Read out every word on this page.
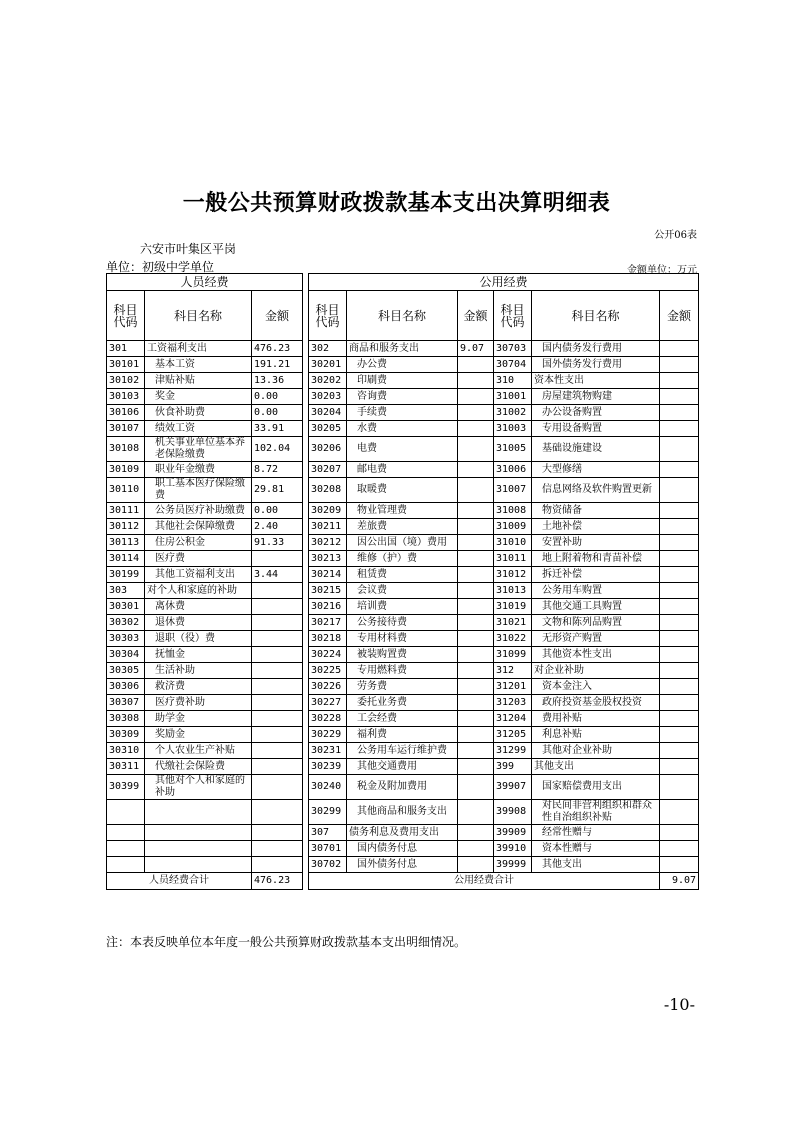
一般公共预算财政拨款基本支出决算明细表
公开06表
六安市叶集区平岗
单位：初级中学单位	金额单位：万元
人员经费				公用经费					
科目代码	科目名称	金额		科目代码	科目名称	金额	科目代码	科目名称	金额
301	工资福利支出	476.23		302	商品和服务支出	9.07	30703	国内债务发行费用	
30101	基本工资	191.21		30201	办公费		30704	国外债务发行费用	
30102	津贴补贴	13.36		30202	印刷费		310	资本性支出	
30103	奖金	0.00		30203	咨询费		31001	房屋建筑物购建	
30106	伙食补助费	0.00		30204	手续费		31002	办公设备购置	
30107	绩效工资	33.91		30205	水费		31003	专用设备购置	
30108	机关事业单位基本养老保险缴费	102.04		30206	电费		31005	基础设施建设	
30109	职业年金缴费	8.72		30207	邮电费		31006	大型修缮	
30110	职工基本医疗保险缴费	29.81		30208	取暖费		31007	信息网络及软件购置更新	
30111	公务员医疗补助缴费	0.00		30209	物业管理费		31008	物资储备	
30112	其他社会保障缴费	2.40		30211	差旅费		31009	土地补偿	
30113	住房公积金	91.33		30212	因公出国（境）费用		31010	安置补助	
30114	医疗费			30213	维修（护）费		31011	地上附着物和青苗补偿	
30199	其他工资福利支出	3.44		30214	租赁费		31012	拆迁补偿	
303	对个人和家庭的补助			30215	会议费		31013	公务用车购置	
30301	离休费			30216	培训费		31019	其他交通工具购置	
30302	退休费			30217	公务接待费		31021	文物和陈列品购置	
30303	退职（役）费			30218	专用材料费		31022	无形资产购置	
30304	抚恤金			30224	被装购置费		31099	其他资本性支出	
30305	生活补助			30225	专用燃料费		312	对企业补助	
30306	救济费			30226	劳务费		31201	资本金注入	
30307	医疗费补助			30227	委托业务费		31203	政府投资基金股权投资	
30308	助学金			30228	工会经费		31204	费用补贴	
30309	奖励金			30229	福利费		31205	利息补贴	
30310	个人农业生产补贴			30231	公务用车运行维护费		31299	其他对企业补助	
30311	代缴社会保险费			30239	其他交通费用		399	其他支出	
30399	其他对个人和家庭的补助			30240	税金及附加费用		39907	国家赔偿费用支出	
				30299	其他商品和服务支出		39908	对民间非营利组织和群众性自治组织补贴	
				307	债务利息及费用支出		39909	经常性赠与	
				30701	国内债务付息		39910	资本性赠与	
				30702	国外债务付息		39999	其他支出	
人员经费合计		476.23		公用经费合计					9.07
注：本表反映单位本年度一般公共预算财政拨款基本支出明细情况。
-10-
